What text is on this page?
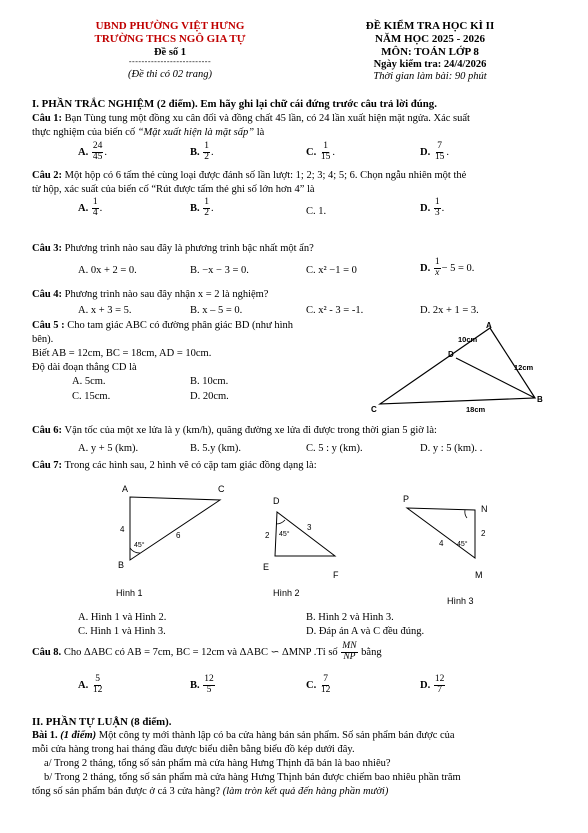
UBND PHƯỜNG VIỆT HƯNG
TRƯỜNG THCS NGÔ GIA TỰ
Đề số 1
--------------------------
(Đề thi có 02 trang)
ĐỀ KIỂM TRA HỌC KÌ II
NĂM HỌC 2025 - 2026
MÔN: TOÁN LỚP 8
Ngày kiểm tra: 24/4/2026
Thời gian làm bài: 90 phút
I. PHẦN TRẮC NGHIỆM (2 điểm). Em hãy ghi lại chữ cái đứng trước câu trả lời đúng.
Câu 1: Bạn Tùng tung một đồng xu cân đối và đồng chất 45 lần, có 24 lần xuất hiện mặt ngửa. Xác suất
thực nghiệm của biến cố “Mặt xuất hiện là mặt sấp” là
A. $\frac{24}{45}$ .	B. $\frac{1}{2}$ .	C. $\frac{1}{15}$ .	D. $\frac{7}{15}$ .
Câu 2: Một hộp có 6 tấm thẻ cùng loại được đánh số lần lượt: 1; 2; 3; 4; 5; 6. Chọn ngẫu nhiên một thẻ
từ hộp, xác suất của biến cố “Rút được tấm thẻ ghi số lớn hơn 4” là
A. $\frac{1}{4}$ .	B. $\frac{1}{2}$ .	C. 1.	D. $\frac{1}{3}$ .
Câu 3: Phương trình nào sau đây là phương trình bậc nhất một ẩn?
A. 0x + 2 = 0.	B. −x − 3 = 0.	C. x² −1 = 0	D. $\frac{1}{x} - 5 = 0$.
Câu 4: Phương trình nào sau đây nhận x = 2 là nghiệm?
A. x + 3 = 5.	B. x – 5 = 0.	C. x² - 3 = -1.	D. 2x + 1 = 3.
Câu 5 : Cho tam giác ABC có đường phân giác BD (như hình
bên).
Biết AB = 12cm, BC = 18cm, AD = 10cm.
Độ dài đoạn thẳng CD là
A. 5cm.	B. 10cm.
C. 15cm.	D. 20cm.
A
B
C
D
10cm
12cm
18cm
Câu 6: Vận tốc của một xe lửa là y (km/h), quãng đường xe lửa đi được trong thời gian 5 giờ là:
A. y + 5 (km).	B. 5.y (km).	C. 5 : y (km).	D. y : 5 (km). .
Câu 7: Trong các hình sau, 2 hình vẽ có cặp tam giác đồng dạng là:
A	C
B
4
6
45°
Hình 1
D
E
F
2
3
45°
Hình 2
P
N
M
4
2
45°
Hình 3
A. Hình 1 và Hình 2.	B. Hình 2 và Hình 3.
C. Hình 1 và Hình 3.	D. Đáp án A và C đều đúng.
Câu 8. Cho ΔABC có AB = 7cm, BC = 12cm và ΔABC ∽ ΔMNP .Tỉ số $\frac{MN}{NP}$ bằng
A. $\frac{5}{12}$	B. $\frac{12}{5}$	C. $\frac{7}{12}$	D. $\frac{12}{7}$
II. PHẦN TỰ LUẬN (8 điểm).
Bài 1. (1 điểm) Một công ty mới thành lập có ba cửa hàng bán sản phẩm. Số sản phẩm bán được của
mỗi cửa hàng trong hai tháng đầu được biểu diễn bằng biểu đồ kép dưới đây.
a/ Trong 2 tháng, tổng số sản phẩm mà cửa hàng Hưng Thịnh đã bán là bao nhiêu?
b/ Trong 2 tháng, tổng số sản phẩm mà cửa hàng Hưng Thịnh bán được chiếm bao nhiêu phần trăm
tổng số sản phẩm bán được ở cả 3 cửa hàng? (làm tròn kết quả đến hàng phần mười)
